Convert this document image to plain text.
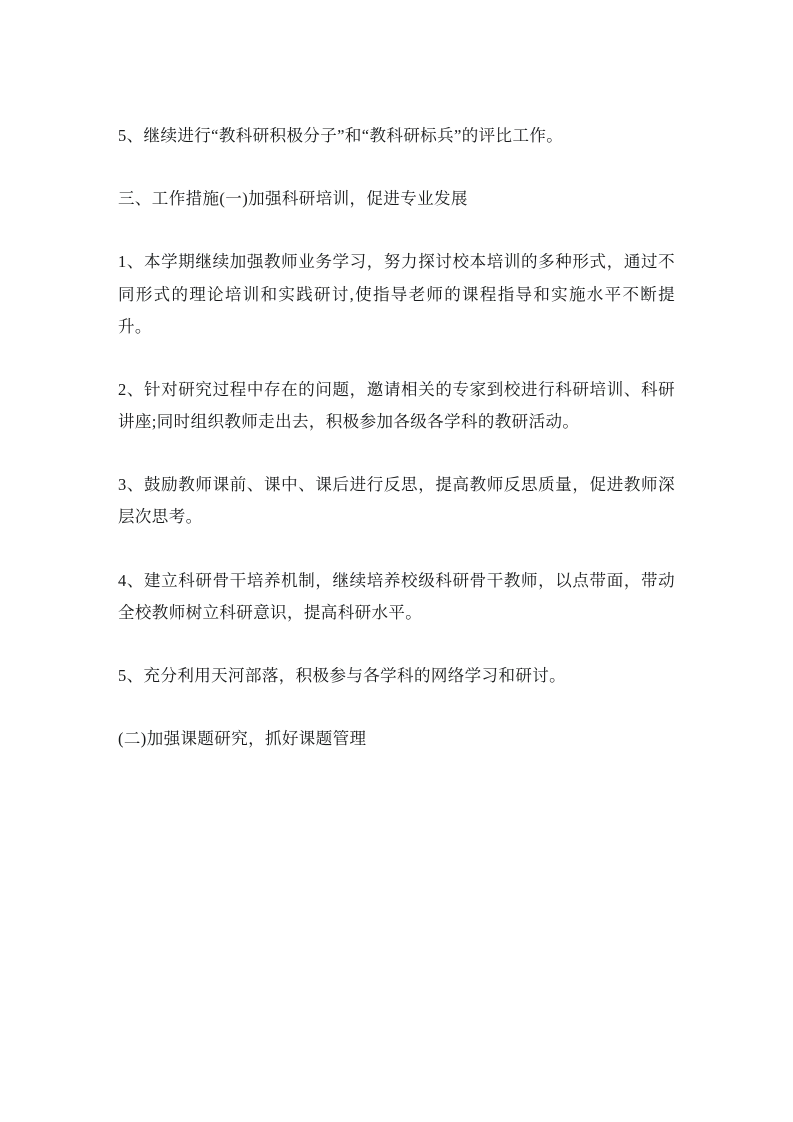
5、继续进行“教科研积极分子”和“教科研标兵”的评比工作。

三、工作措施(一)加强科研培训，促进专业发展

1、本学期继续加强教师业务学习，努力探讨校本培训的多种形式，通过不同形式的理论培训和实践研讨,使指导老师的课程指导和实施水平不断提升。

2、针对研究过程中存在的问题，邀请相关的专家到校进行科研培训、科研讲座;同时组织教师走出去，积极参加各级各学科的教研活动。

3、鼓励教师课前、课中、课后进行反思，提高教师反思质量，促进教师深层次思考。

4、建立科研骨干培养机制，继续培养校级科研骨干教师，以点带面，带动全校教师树立科研意识，提高科研水平。

5、充分利用天河部落，积极参与各学科的网络学习和研讨。

(二)加强课题研究，抓好课题管理
